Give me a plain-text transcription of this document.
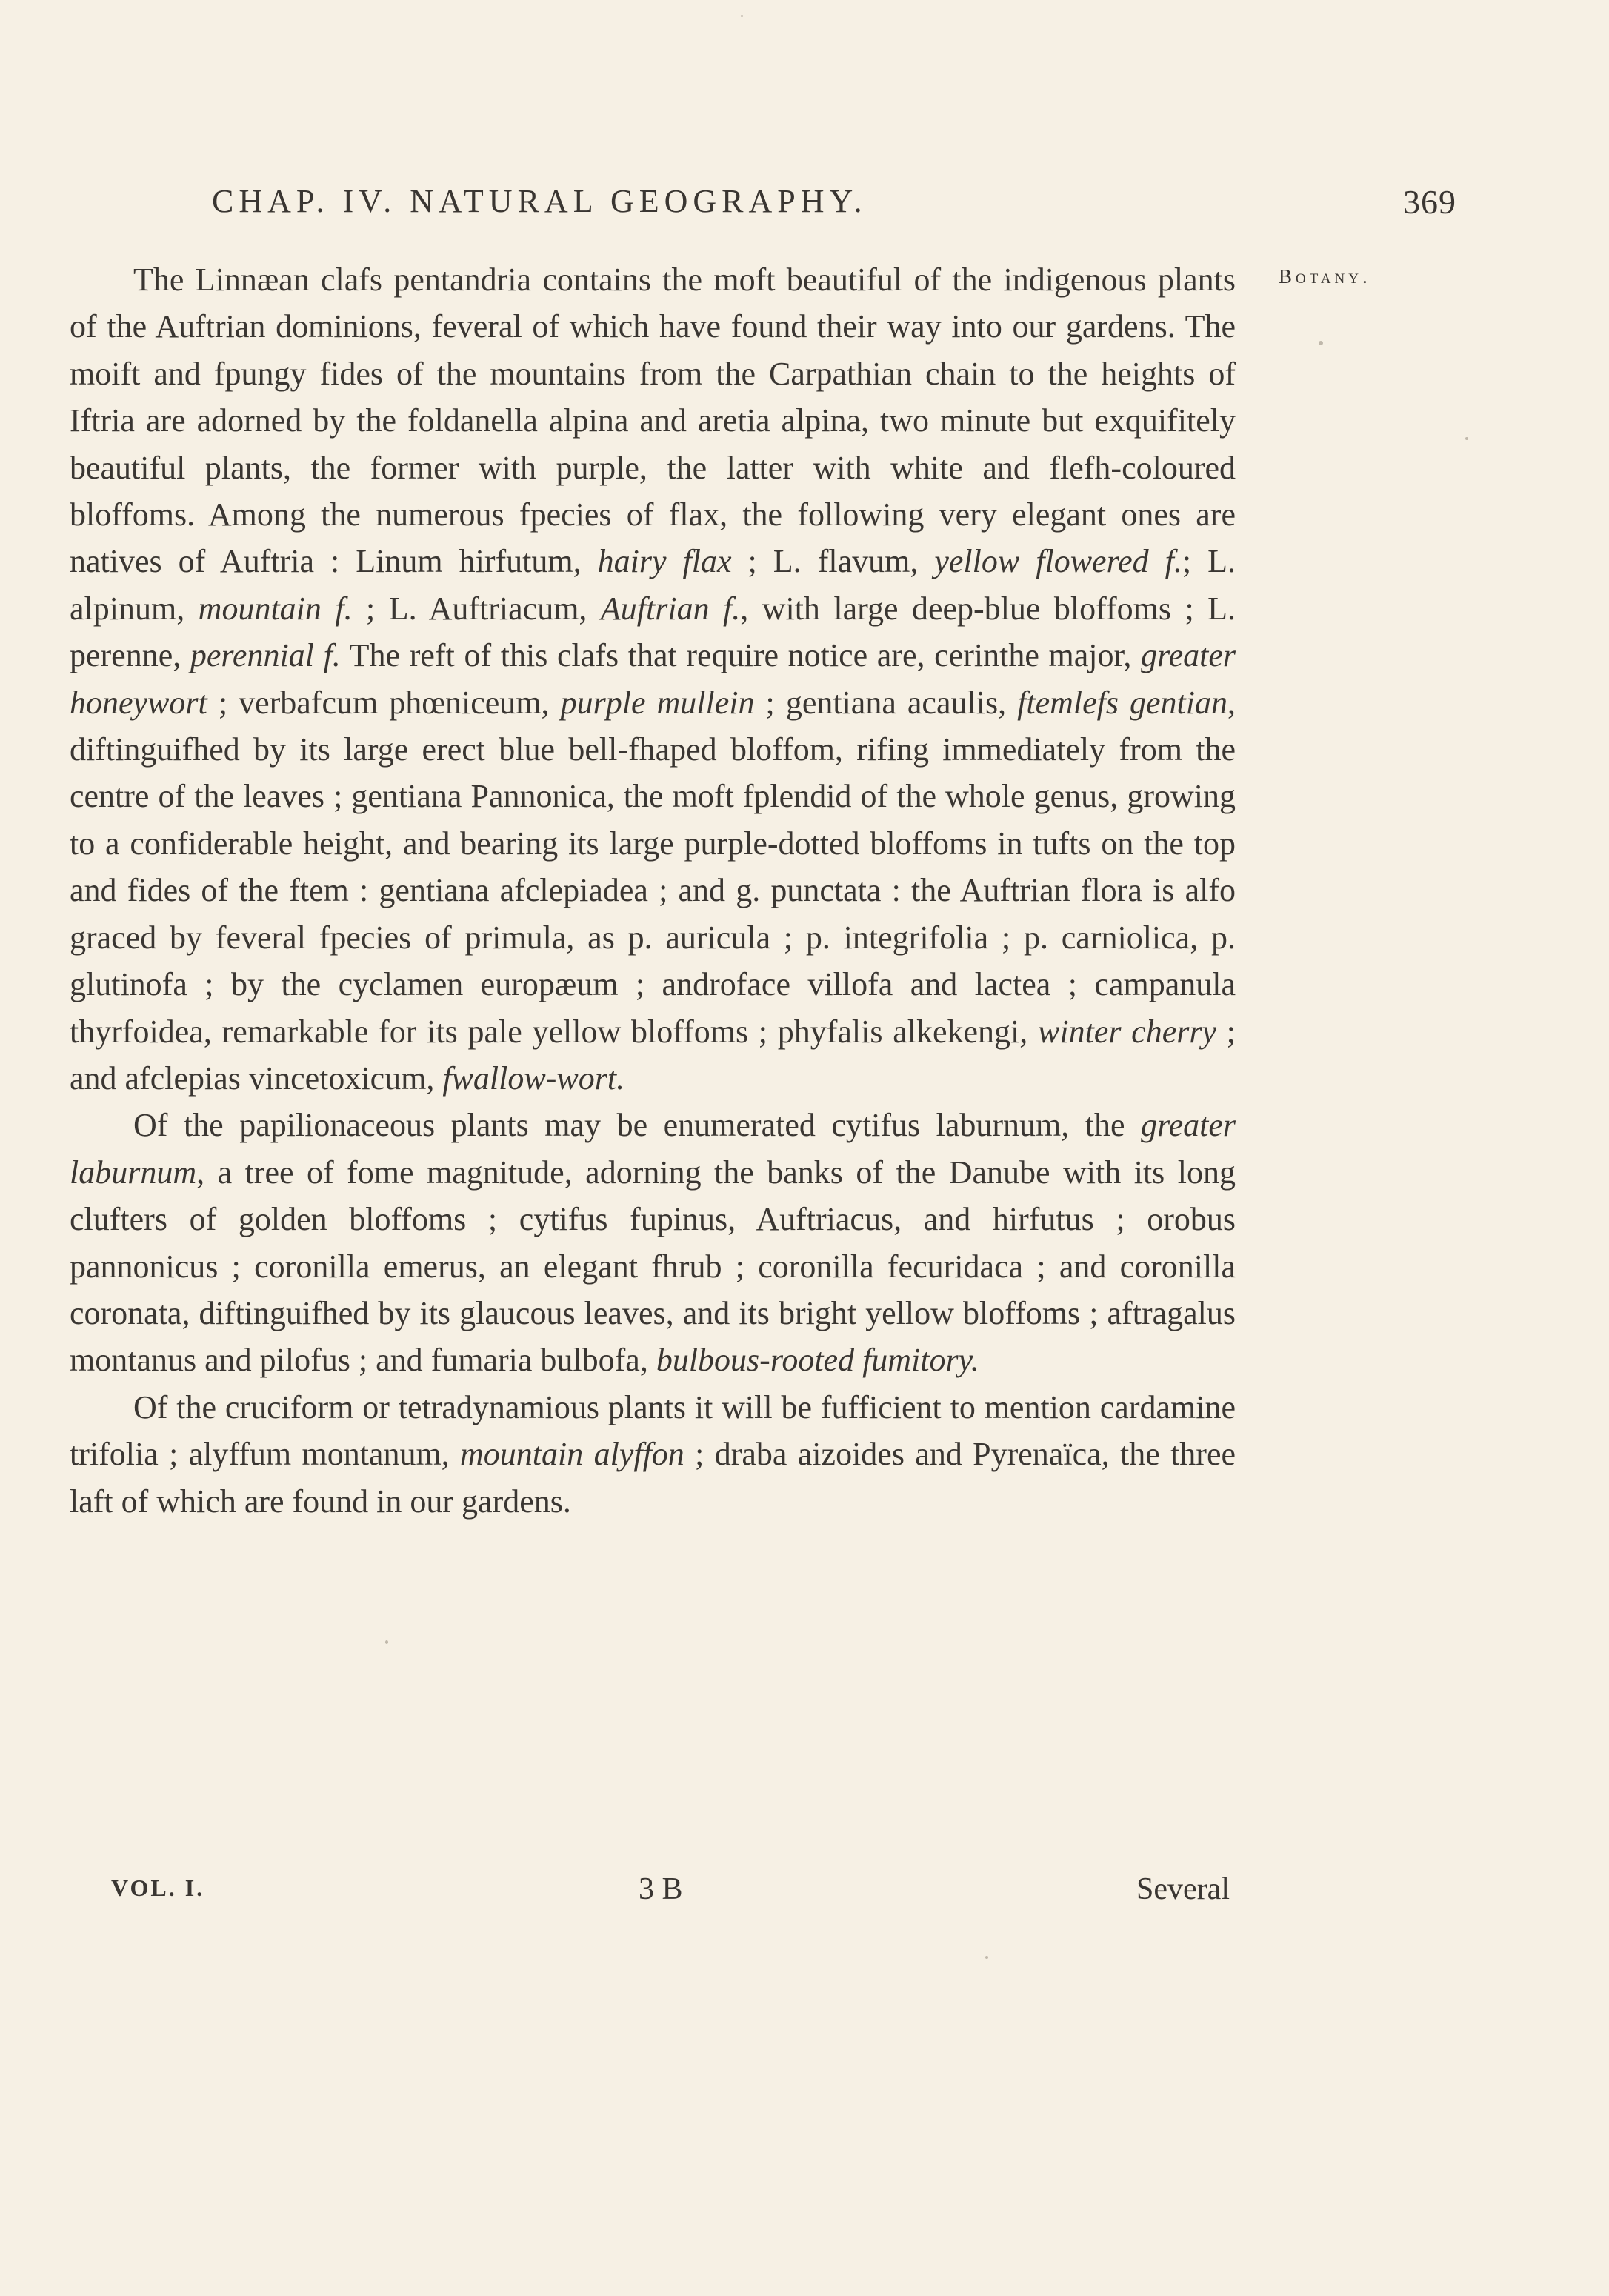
CHAP. IV. NATURAL GEOGRAPHY.	369
Botany.

The Linnæan clafs pentandria contains the moft beautiful of the indigenous plants of the Auftrian dominions, feveral of which have found their way into our gardens. The moift and fpungy fides of the mountains from the Carpathian chain to the heights of Iftria are adorned by the foldanella alpina and aretia alpina, two minute but exquifitely beautiful plants, the former with purple, the latter with white and flefh-coloured bloffoms. Among the numerous fpecies of flax, the following very elegant ones are natives of Auftria : Linum hirfutum, hairy flax ; L. flavum, yellow flowered f.; L. alpinum, mountain f. ; L. Auftriacum, Auftrian f., with large deep-blue bloffoms ; L. perenne, perennial f. The reft of this clafs that require notice are, cerinthe major, greater honeywort ; verbafcum phœniceum, purple mullein ; gentiana acaulis, ftemlefs gentian, diftinguifhed by its large erect blue bell-fhaped bloffom, rifing immediately from the centre of the leaves ; gentiana Pannonica, the moft fplendid of the whole genus, growing to a confiderable height, and bearing its large purple-dotted bloffoms in tufts on the top and fides of the ftem : gentiana afclepiadea ; and g. punctata : the Auftrian flora is alfo graced by feveral fpecies of primula, as p. auricula ; p. integrifolia ; p. carniolica, p. glutinofa ; by the cyclamen europæum ; androface villofa and lactea ; campanula thyrfoidea, remarkable for its pale yellow bloffoms ; phyfalis alkekengi, winter cherry ; and afclepias vincetoxicum, fwallow-wort.

Of the papilionaceous plants may be enumerated cytifus laburnum, the greater laburnum, a tree of fome magnitude, adorning the banks of the Danube with its long clufters of golden bloffoms ; cytifus fupinus, Auftriacus, and hirfutus ; orobus pannonicus ; coronilla emerus, an elegant fhrub ; coronilla fecuridaca ; and coronilla coronata, diftinguifhed by its glaucous leaves, and its bright yellow bloffoms ; aftragalus montanus and pilofus ; and fumaria bulbofa, bulbous-rooted fumitory.

Of the cruciform or tetradynamious plants it will be fufficient to mention cardamine trifolia ; alyffum montanum, mountain alyffon ; draba aizoides and Pyrenaïca, the three laft of which are found in our gardens.

VOL. I.	3 B	Several
